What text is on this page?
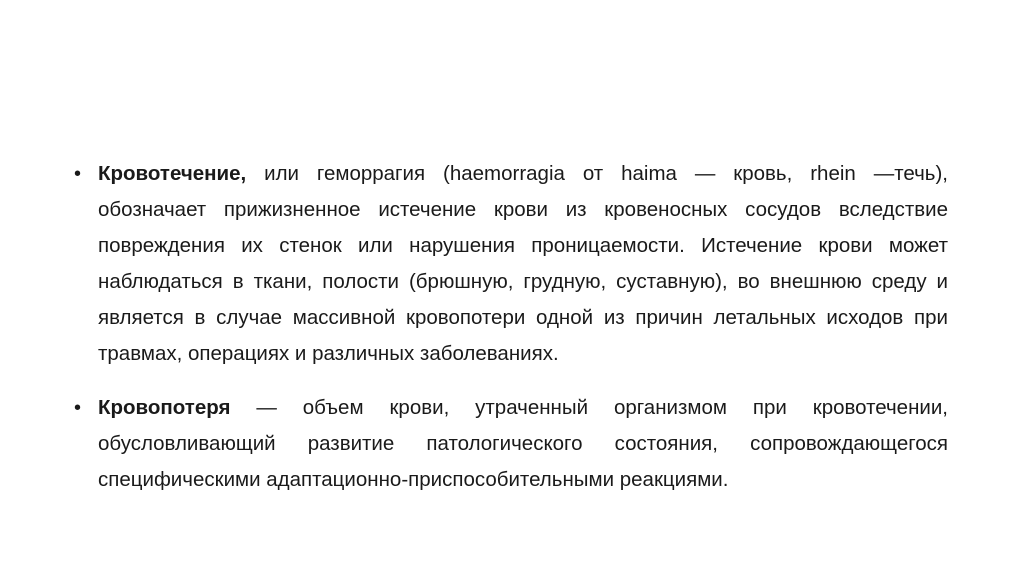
• Кровотечение, или геморрагия (haemorragia от haima — кровь, rhein —течь), обозначает прижизненное истечение крови из кровеносных сосудов вследствие повреждения их стенок или нарушения проницаемости. Истечение крови может наблюдаться в ткани, полости (брюшную, грудную, суставную), во внешнюю среду и является в случае массивной кровопотери одной из причин летальных исходов при травмах, операциях и различных заболеваниях.
• Кровопотеря — объем крови, утраченный организмом при кровотечении, обусловливающий развитие патологического состояния, сопровождающегося специфическими адаптационно-приспособительными реакциями.
